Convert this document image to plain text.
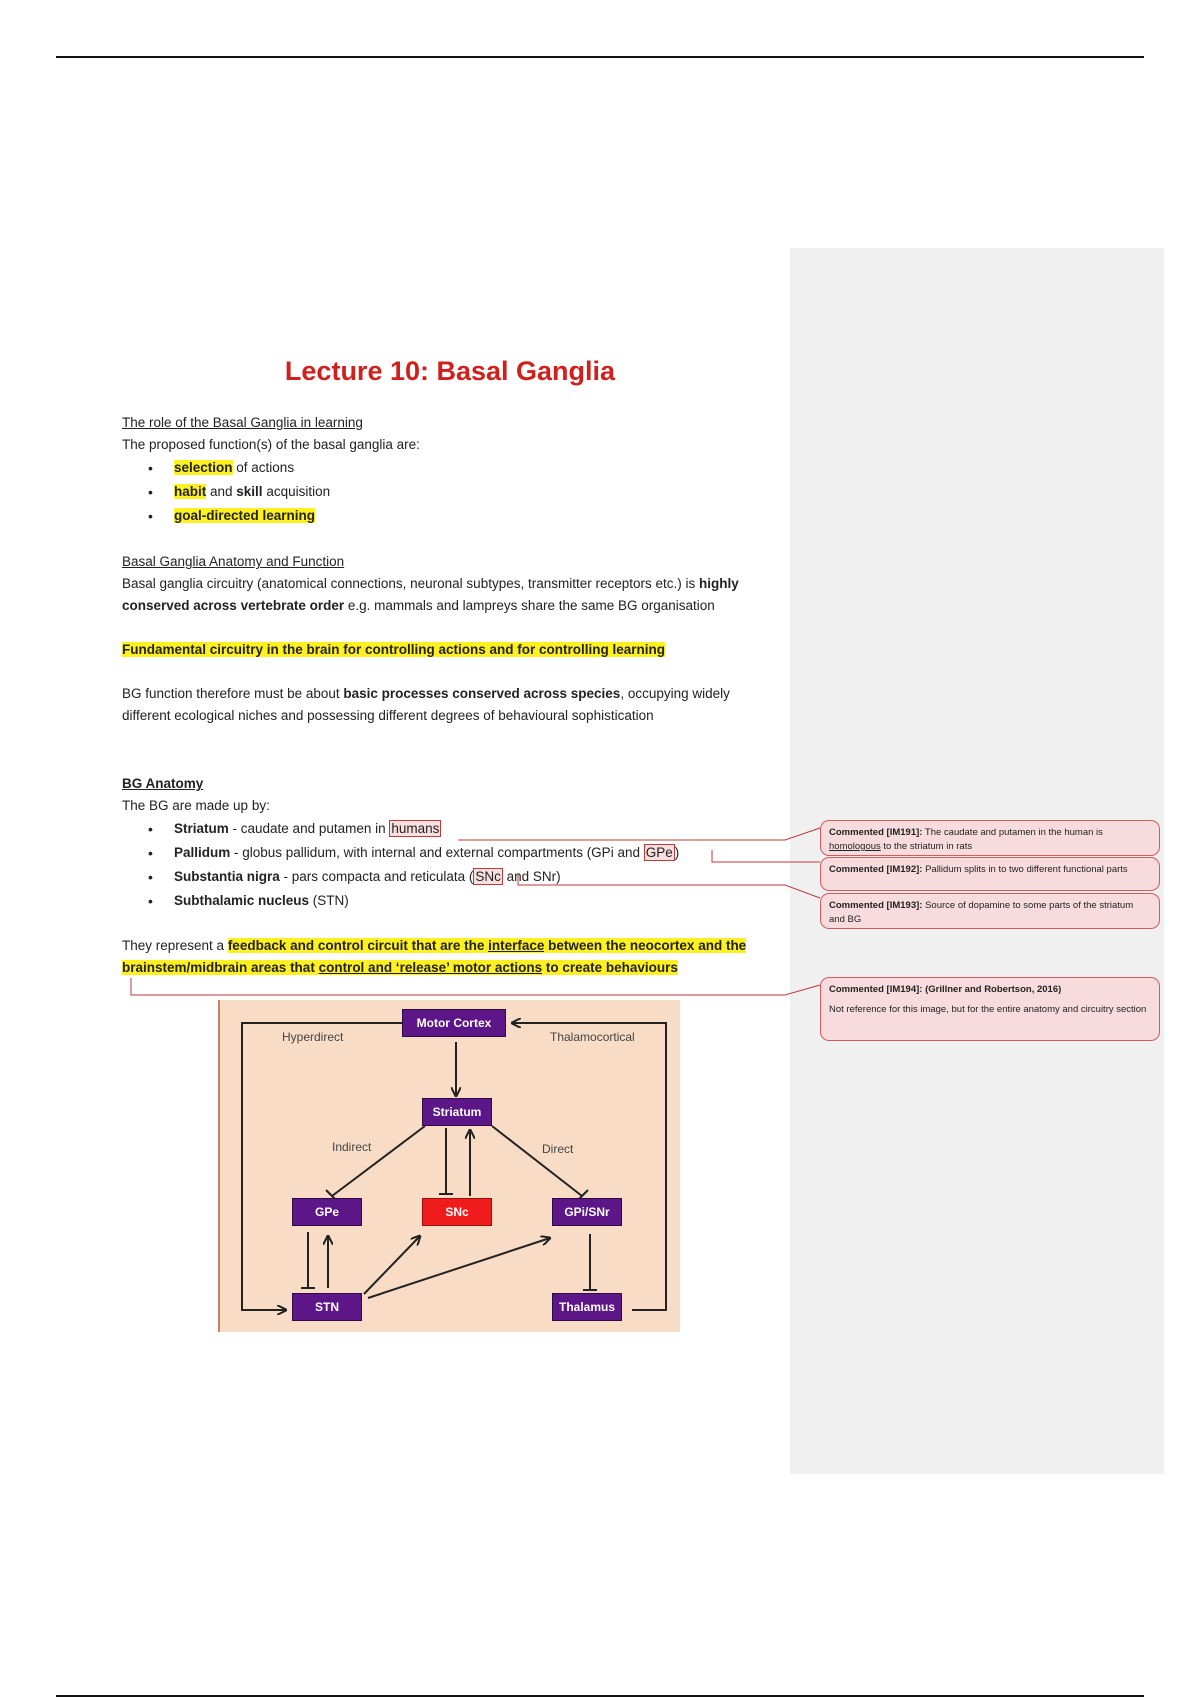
Lecture 10: Basal Ganglia
The role of the Basal Ganglia in learning
The proposed function(s) of the basal ganglia are:
• selection of actions
• habit and skill acquisition
• goal-directed learning
Basal Ganglia Anatomy and Function
Basal ganglia circuitry (anatomical connections, neuronal subtypes, transmitter receptors etc.) is highly conserved across vertebrate order e.g. mammals and lampreys share the same BG organisation
Fundamental circuitry in the brain for controlling actions and for controlling learning
BG function therefore must be about basic processes conserved across species, occupying widely different ecological niches and possessing different degrees of behavioural sophistication
BG Anatomy
The BG are made up by:
• Striatum - caudate and putamen in humans
• Pallidum - globus pallidum, with internal and external compartments (GPi and GPe )
• Substantia nigra - pars compacta and reticulata ( SNc and SNr)
• Subthalamic nucleus (STN)
They represent a feedback and control circuit that are the interface between the neocortex and the brainstem/midbrain areas that control and ‘release’ motor actions to create behaviours
Commented [IM191]: The caudate and putamen in the human is homologous to the striatum in rats
Commented [IM192]: Pallidum splits in to two different functional parts
Commented [IM193]: Source of dopamine to some parts of the striatum and BG
Commented [IM194]: (Grillner and Robertson, 2016)
Not reference for this image, but for the entire anatomy and circuitry section
Motor Cortex
Striatum
GPe	SNc	GPi/SNr
STN	Thalamus
Hyperdirect	Thalamocortical
Indirect	Direct
